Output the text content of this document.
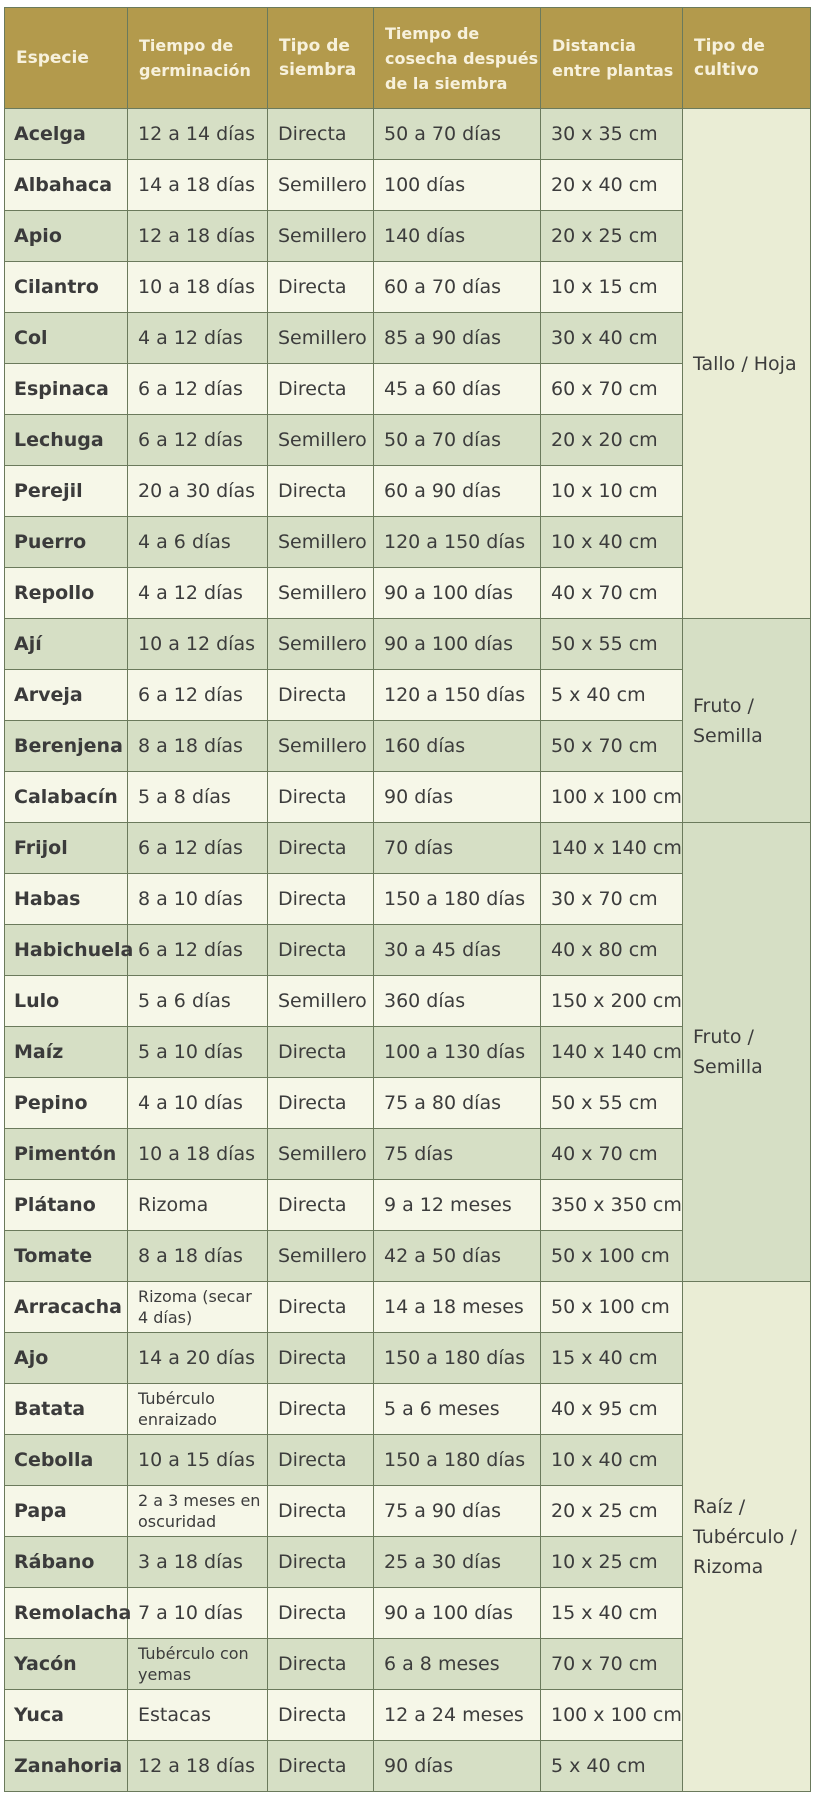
Especie	Tiempo de germinación	Tipo de siembra	Tiempo de cosecha después de la siembra	Distancia entre plantas	Tipo de cultivo
Acelga	12 a 14 días	Directa	50 a 70 días	30 x 35 cm	Tallo / Hoja
Albahaca	14 a 18 días	Semillero	100 días	20 x 40 cm	
Apio	12 a 18 días	Semillero	140 días	20 x 25 cm	
Cilantro	10 a 18 días	Directa	60 a 70 días	10 x 15 cm	
Col	4 a 12 días	Semillero	85 a 90 días	30 x 40 cm	
Espinaca	6 a 12 días	Directa	45 a 60 días	60 x 70 cm	
Lechuga	6 a 12 días	Semillero	50 a 70 días	20 x 20 cm	
Perejil	20 a 30 días	Directa	60 a 90 días	10 x 10 cm	
Puerro	4 a 6 días	Semillero	120 a 150 días	10 x 40 cm	
Repollo	4 a 12 días	Semillero	90 a 100 días	40 x 70 cm	
Ají	10 a 12 días	Semillero	90 a 100 días	50 x 55 cm	Fruto / Semilla
Arveja	6 a 12 días	Directa	120 a 150 días	5 x 40 cm	
Berenjena	8 a 18 días	Semillero	160 días	50 x 70 cm	
Calabacín	5 a 8 días	Directa	90 días	100 x 100 cm	
Frijol	6 a 12 días	Directa	70 días	140 x 140 cm	Fruto / Semilla
Habas	8 a 10 días	Directa	150 a 180 días	30 x 70 cm	
Habichuela	6 a 12 días	Directa	30 a 45 días	40 x 80 cm	
Lulo	5 a 6 días	Semillero	360 días	150 x 200 cm	
Maíz	5 a 10 días	Directa	100 a 130 días	140 x 140 cm	
Pepino	4 a 10 días	Directa	75 a 80 días	50 x 55 cm	
Pimentón	10 a 18 días	Semillero	75 días	40 x 70 cm	
Plátano	Rizoma	Directa	9 a 12 meses	350 x 350 cm	
Tomate	8 a 18 días	Semillero	42 a 50 días	50 x 100 cm	
Arracacha	Rizoma (secar 4 días)	Directa	14 a 18 meses	50 x 100 cm	Raíz / Tubérculo / Rizoma
Ajo	14 a 20 días	Directa	150 a 180 días	15 x 40 cm	
Batata	Tubérculo enraizado	Directa	5 a 6 meses	40 x 95 cm	
Cebolla	10 a 15 días	Directa	150 a 180 días	10 x 40 cm	
Papa	2 a 3 meses en oscuridad	Directa	75 a 90 días	20 x 25 cm	
Rábano	3 a 18 días	Directa	25 a 30 días	10 x 25 cm	
Remolacha	7 a 10 días	Directa	90 a 100 días	15 x 40 cm	
Yacón	Tubérculo con yemas	Directa	6 a 8 meses	70 x 70 cm	
Yuca	Estacas	Directa	12 a 24 meses	100 x 100 cm	
Zanahoria	12 a 18 días	Directa	90 días	5 x 40 cm	
